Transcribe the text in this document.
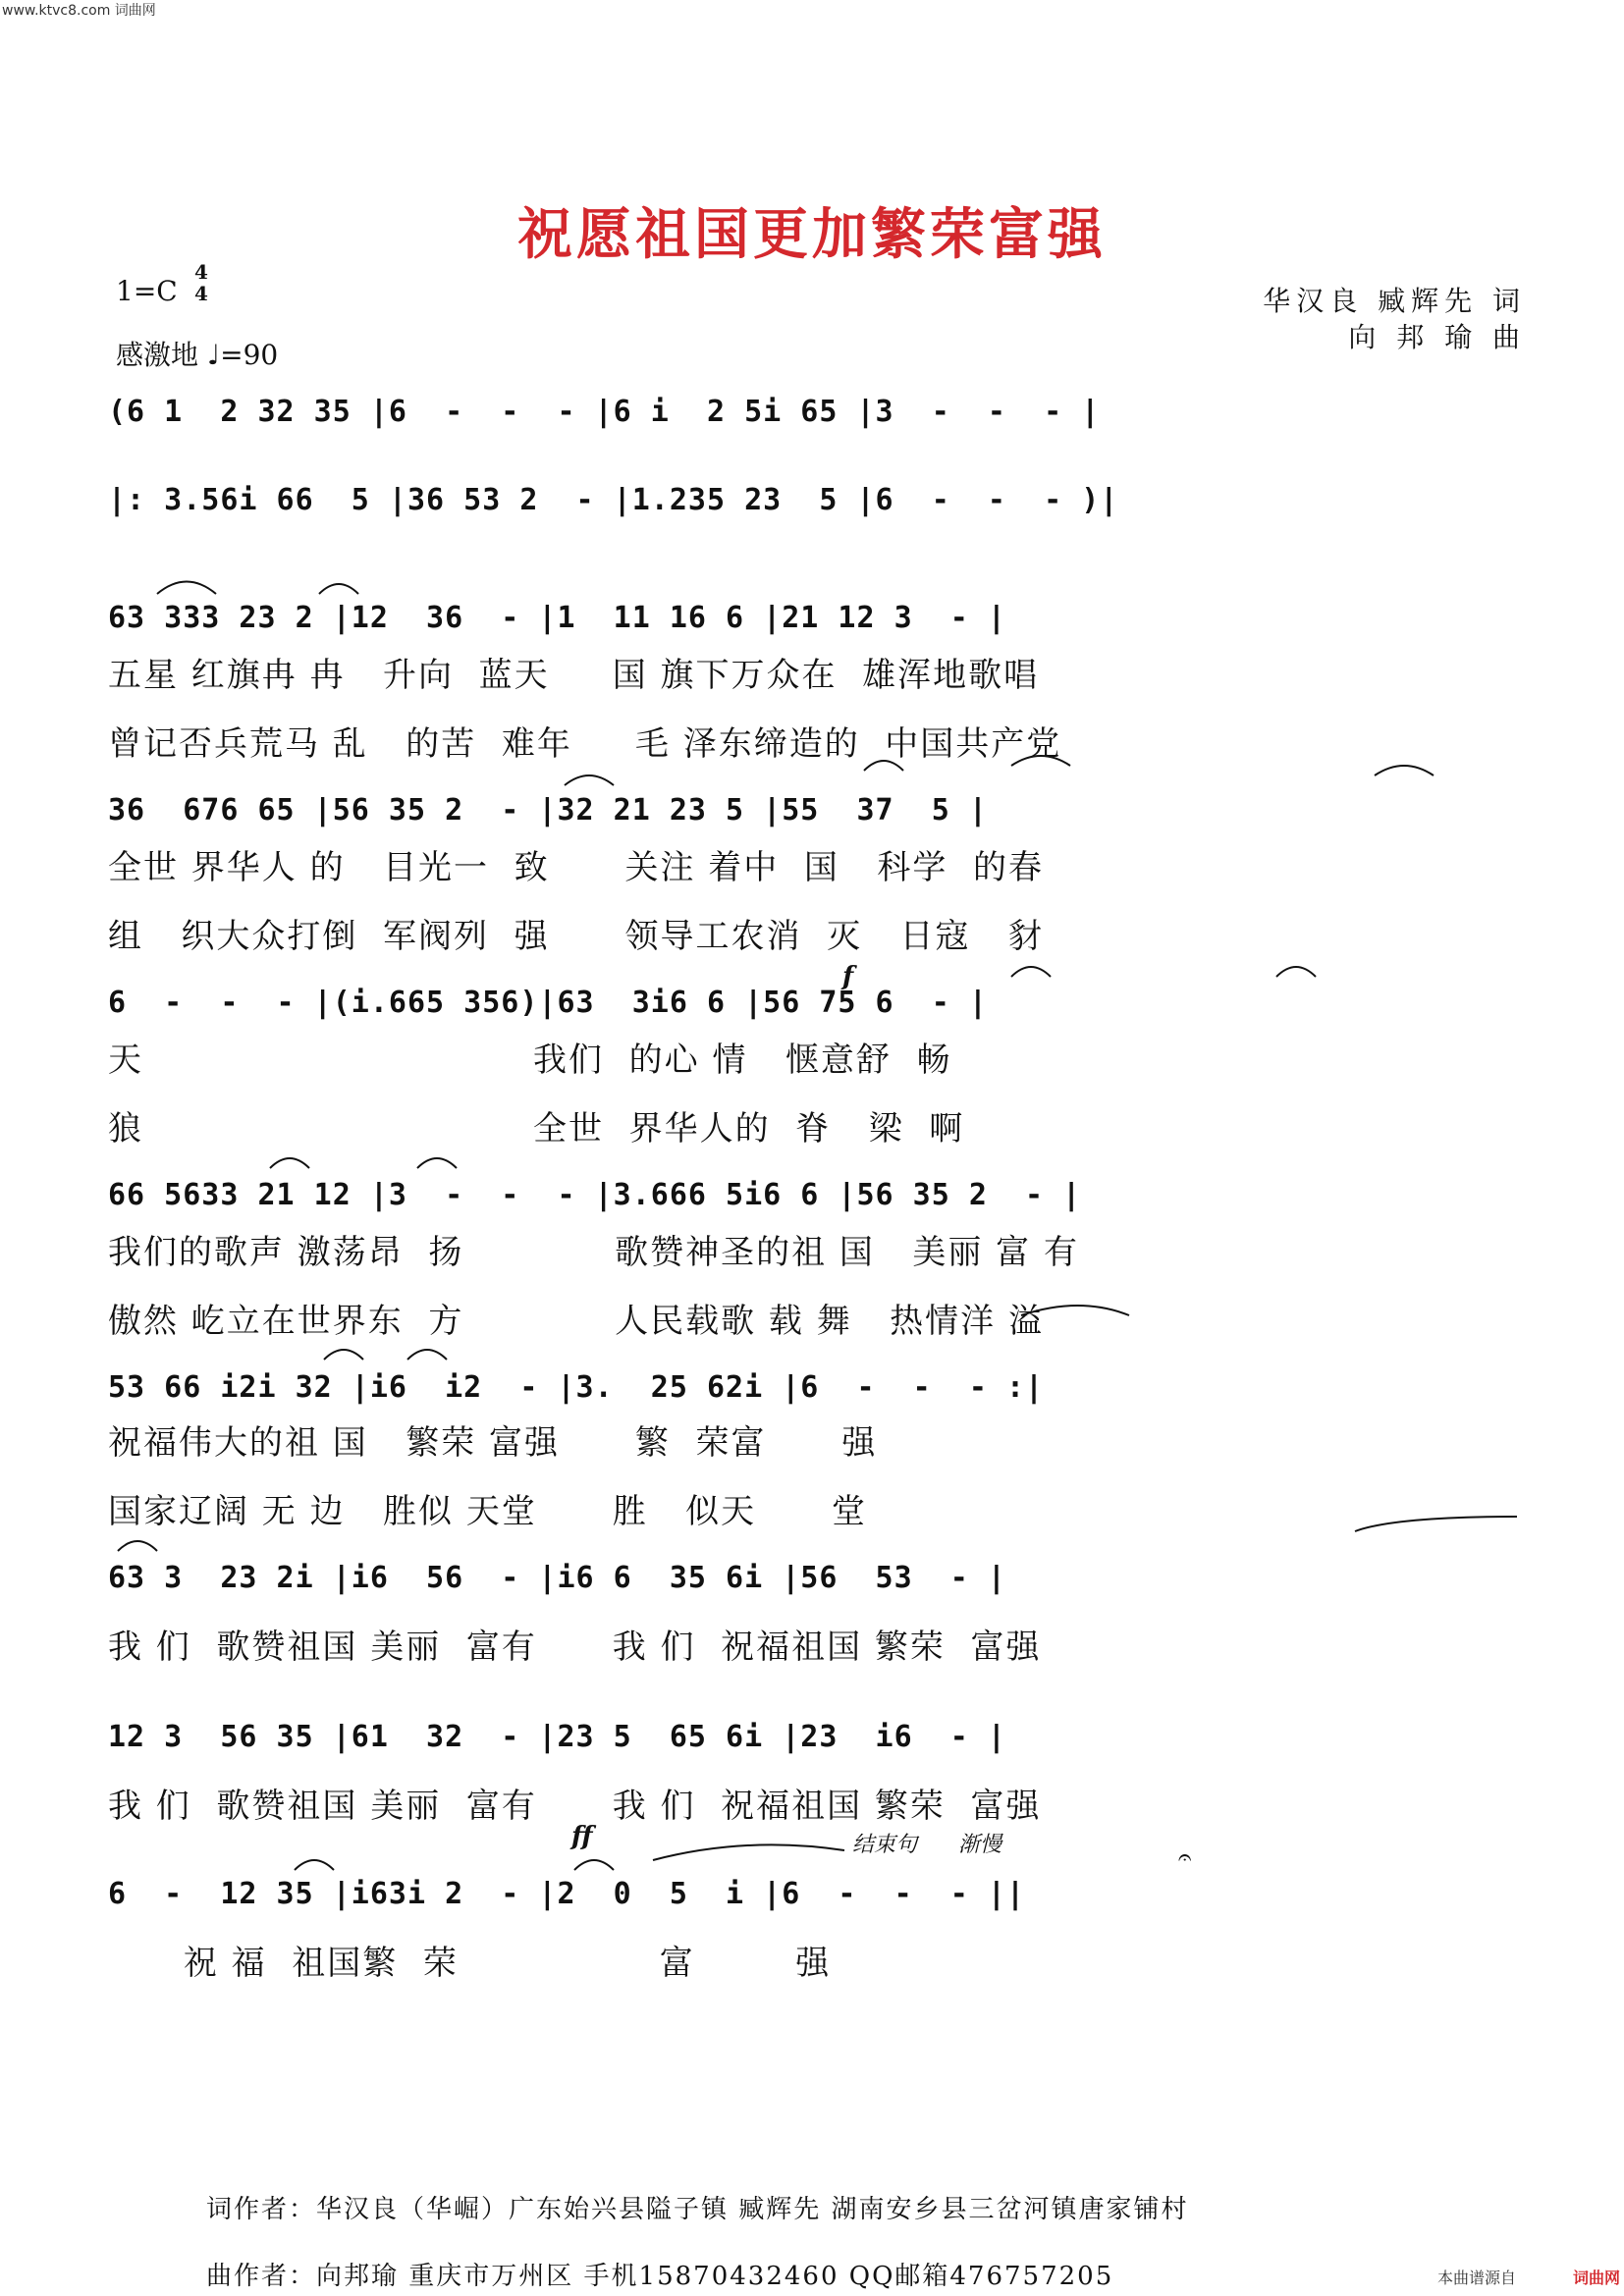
www.ktvc8.com 词曲网
祝愿祖国更加繁荣富强
1=C
4
4
感激地 ♩=90
华汉良 臧辉先 词
向 邦 瑜 曲
(6 1  2 32 35 |6  -  -  - |6 i  2 5i 65 |3  -  -  - |
|: 3.56i 66  5 |36 53 2  - |1.235 23  5 |6  -  -  - )|
63 333 23 2 |12  36  - |1  11 16 6 |21 12 3  - |
五星 红旗冉 冉   升向  蓝天     国 旗下万众在  雄浑地歌唱
曾记否兵荒马 乱   的苦  难年     毛 泽东缔造的  中国共产党
36  676 65 |56 35 2  - |32 21 23 5 |55  37  5 |
全世 界华人 的   目光一  致      关注 着中  国   科学  的春
组   织大众打倒  军阀列  强      领导工农消  灭   日寇   豺
f
6  -  -  - |(i.665 356)|63  3i6 6 |56 75 6  - |
天                               我们  的心 情   惬意舒  畅
狼                               全世  界华人的  脊   梁  啊
66 5633 21 12 |3  -  -  - |3.666 5i6 6 |56 35 2  - |
我们的歌声 激荡昂  扬            歌赞神圣的祖 国   美丽 富 有
傲然 屹立在世界东  方            人民载歌 载 舞   热情洋 溢
53 66 i2i 32 |i6  i2  - |3.  25 62i |6  -  -  - :|
祝福伟大的祖 国   繁荣 富强      繁  荣富      强
国家辽阔 无 边   胜似 天堂      胜   似天      堂
63 3  23 2i |i6  56  - |i6 6  35 6i |56  53  - |
我 们  歌赞祖国 美丽  富有      我 们  祝福祖国 繁荣  富强
12 3  56 35 |61  32  - |23 5  65 6i |23  i6  - |
我 们  歌赞祖国 美丽  富有      我 们  祝福祖国 繁荣  富强
ff	结束句 渐慢	𝄐
6  -  12 35 |i63i 2  - |2  0  5  i |6  -  -  - ||
祝 福  祖国繁  荣                富        强
词作者：华汉良（华崛）广东始兴县隘子镇 臧辉先 湖南安乡县三岔河镇唐家铺村
曲作者：向邦瑜 重庆市万州区 手机15870432460 QQ邮箱476757205	本曲谱源自	词曲网
